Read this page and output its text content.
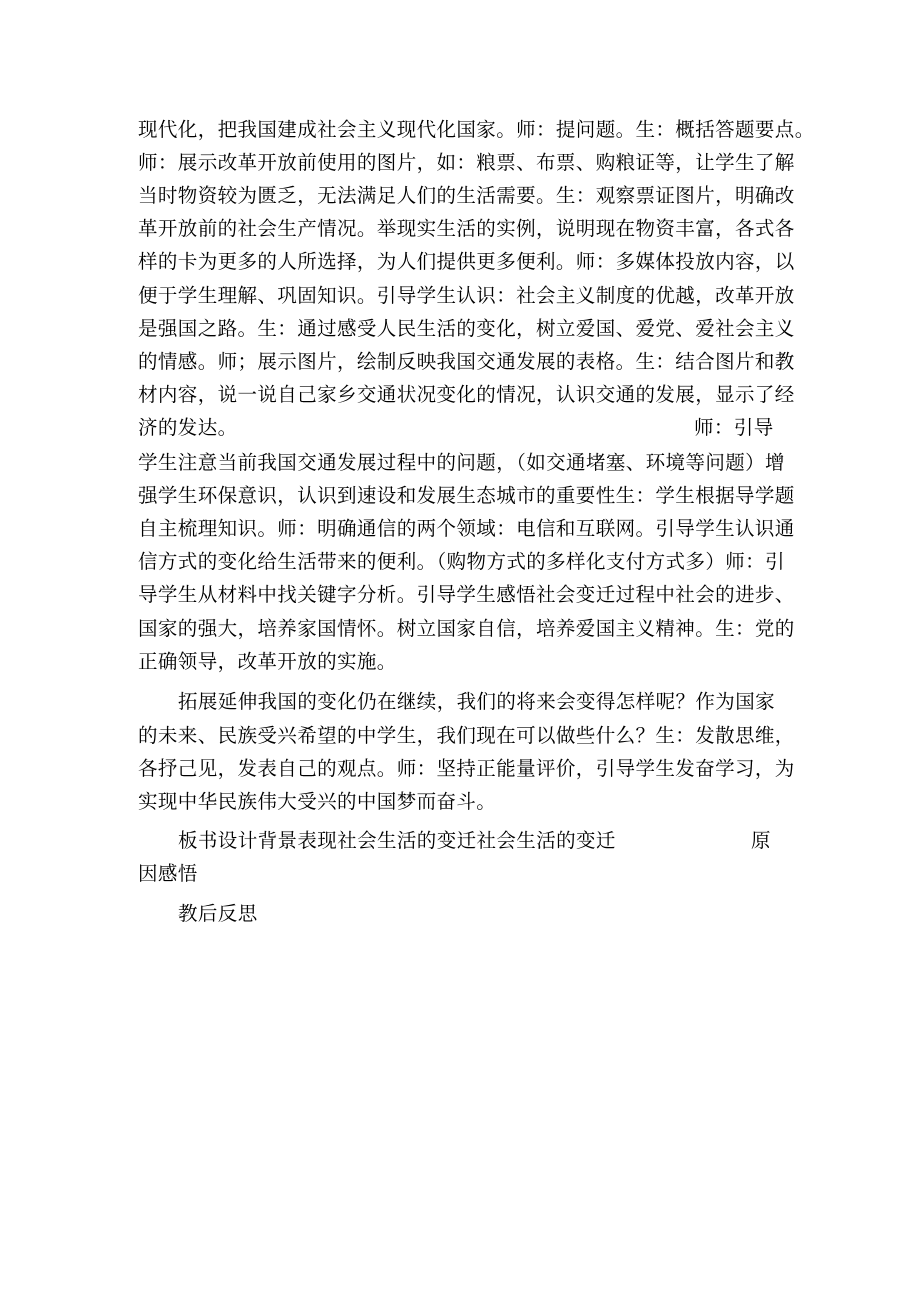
现代化，把我国建成社会主义现代化国家。师：提问题。生：概括答题要点。
师：展示改革开放前使用的图片，如：粮票、布票、购粮证等，让学生了解
当时物资较为匮乏，无法满足人们的生活需要。生：观察票证图片，明确改
革开放前的社会生产情况。举现实生活的实例，说明现在物资丰富，各式各
样的卡为更多的人所选择，为人们提供更多便利。师：多媒体投放内容，以
便于学生理解、巩固知识。引导学生认识：社会主义制度的优越，改革开放
是强国之路。生：通过感受人民生活的变化，树立爱国、爱党、爱社会主义
的情感。师；展示图片，绘制反映我国交通发展的表格。生：结合图片和教
材内容，说一说自己家乡交通状况变化的情况，认识交通的发展，显示了经
济的发达。	师：引导
学生注意当前我国交通发展过程中的问题，（如交通堵塞、环境等问题）增
强学生环保意识，认识到速设和发展生态城市的重要性生：学生根据导学题
自主梳理知识。师：明确通信的两个领域：电信和互联网。引导学生认识通
信方式的变化给生活带来的便利。（购物方式的多样化支付方式多）师：引
导学生从材料中找关键字分析。引导学生感悟社会变迁过程中社会的进步、
国家的强大，培养家国情怀。树立国家自信，培养爱国主义精神。生：党的
正确领导，改革开放的实施。
拓展延伸我国的变化仍在继续，我们的将来会变得怎样呢？作为国家
的未来、民族受兴希望的中学生，我们现在可以做些什么？生：发散思维，
各抒己见，发表自己的观点。师：坚持正能量评价，引导学生发奋学习，为
实现中华民族伟大受兴的中国梦而奋斗。
板书设计背景表现社会生活的变迁社会生活的变迁	原
因感悟
教后反思
